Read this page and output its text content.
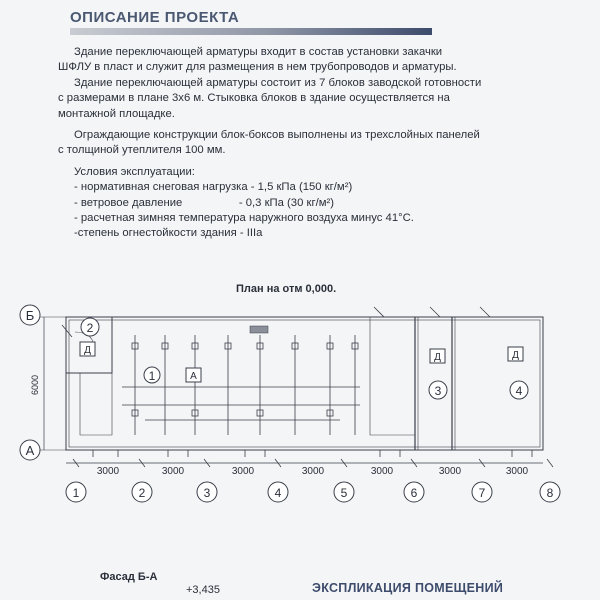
ОПИСАНИЕ ПРОЕКТА

Здание переключающей арматуры входит в состав установки закачки

ШФЛУ в пласт и служит для размещения в нем трубопроводов и арматуры.

Здание переключающей арматуры состоит из 7 блоков заводской готовности

с размерами в плане 3х6 м. Стыковка блоков в здание осуществляется на

монтажной площадке.

Ограждающие конструкции блок-боксов выполнены из трехслойных панелей

с толщиной утеплителя 100 мм.

Условия эксплуатации:
- нормативная снеговая нагрузка - 1,5 кПа (150 кг/м²)
- ветровое давление                  - 0,3 кПа (30 кг/м²)
- расчетная зимняя температура наружного воздуха минус 41°С.
-степень огнестойкости здания - IIIa
План на отм 0,000.
Б
А
6000
3000	3000	3000	3000	3000	3000	3000
1	2	3	4	5	6	7	8
1
2
3	4
Д
А
Д	Д
Фасад Б-А
+3,435	ЭКСПЛИКАЦИЯ ПОМЕЩЕНИЙ
